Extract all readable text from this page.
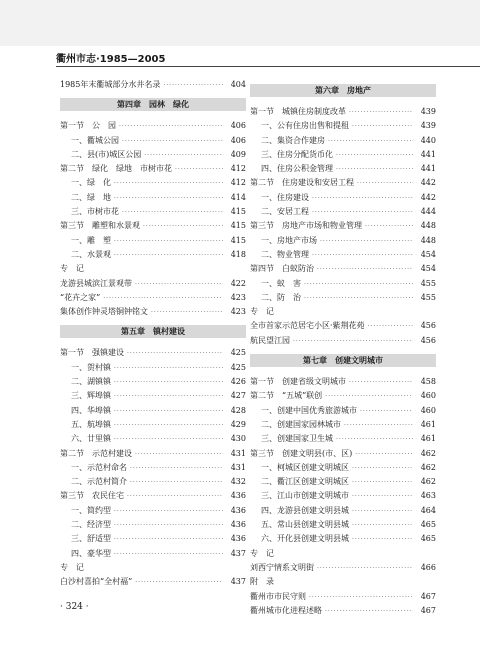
衢州市志·1985—2005
1985年末衢城部分水井名录 ·····	404
第四章　园林　绿化
第一节　公　园 ·····	406
一、衢城公园 ·····	406
二、县(市)城区公园 ·····	409
第二节　绿化　绿地　市树市花 ·····	412
一、绿　化 ·····	412
二、绿　地 ·····	414
三、市树市花 ·····	415
第三节　雕塑和水景观 ·····	415
一、雕　塑 ·····	415
二、水景观 ·····	418
专　记
龙游县城滨江景观带 ·····	422
“花卉之家” ·····	423
集体创作钟灵塔铜钟铭文 ·····	423
第五章　镇村建设
第一节　强镇建设 ·····	425
一、贺村镇 ·····	425
二、湖镇镇 ·····	426
三、辉埠镇 ·····	427
四、华埠镇 ·····	428
五、航埠镇 ·····	429
六、廿里镇 ·····	430
第二节　示范村建设 ·····	431
一、示范村命名 ·····	431
二、示范村简介 ·····	432
第三节　农民住宅 ·····	436
一、简约型 ·····	436
二、经济型 ·····	436
三、舒适型 ·····	436
四、豪华型 ·····	437
专　记
白沙村喜拍“全村福” ·····	437
第六章　房地产
第一节　城镇住房制度改革 ·····	439
一、公有住房出售和提租 ·····	439
二、集资合作建房 ·····	440
三、住房分配货币化 ·····	441
四、住房公积金管理 ·····	441
第二节　住房建设和安居工程 ·····	442
一、住房建设 ·····	442
二、安居工程 ·····	444
第三节　房地产市场和物业管理 ·····	448
一、房地产市场 ·····	448
二、物业管理 ·····	454
第四节　白蚁防治 ·····	454
一、蚁　害 ·····	455
二、防　治 ·····	455
专　记
全市首家示范居宅小区·紫荆花苑 ·····	456
航民望江园 ·····	456
第七章　创建文明城市
第一节　创建省级文明城市 ·····	458
第二节　“五城”联创 ·····	460
一、创建中国优秀旅游城市 ·····	460
二、创建国家园林城市 ·····	461
三、创建国家卫生城 ·····	461
第三节　创建文明县(市、区) ·····	462
一、柯城区创建文明城区 ·····	462
二、衢江区创建文明城区 ·····	462
三、江山市创建文明城市 ·····	463
四、龙游县创建文明县城 ·····	464
五、常山县创建文明县城 ·····	465
六、开化县创建文明县城 ·····	465
专　记
刘西宁情系文明街 ·····	466
附　录
衢州市市民守则 ·····	467
衢州城市化进程述略 ·····	467
· 324 ·
